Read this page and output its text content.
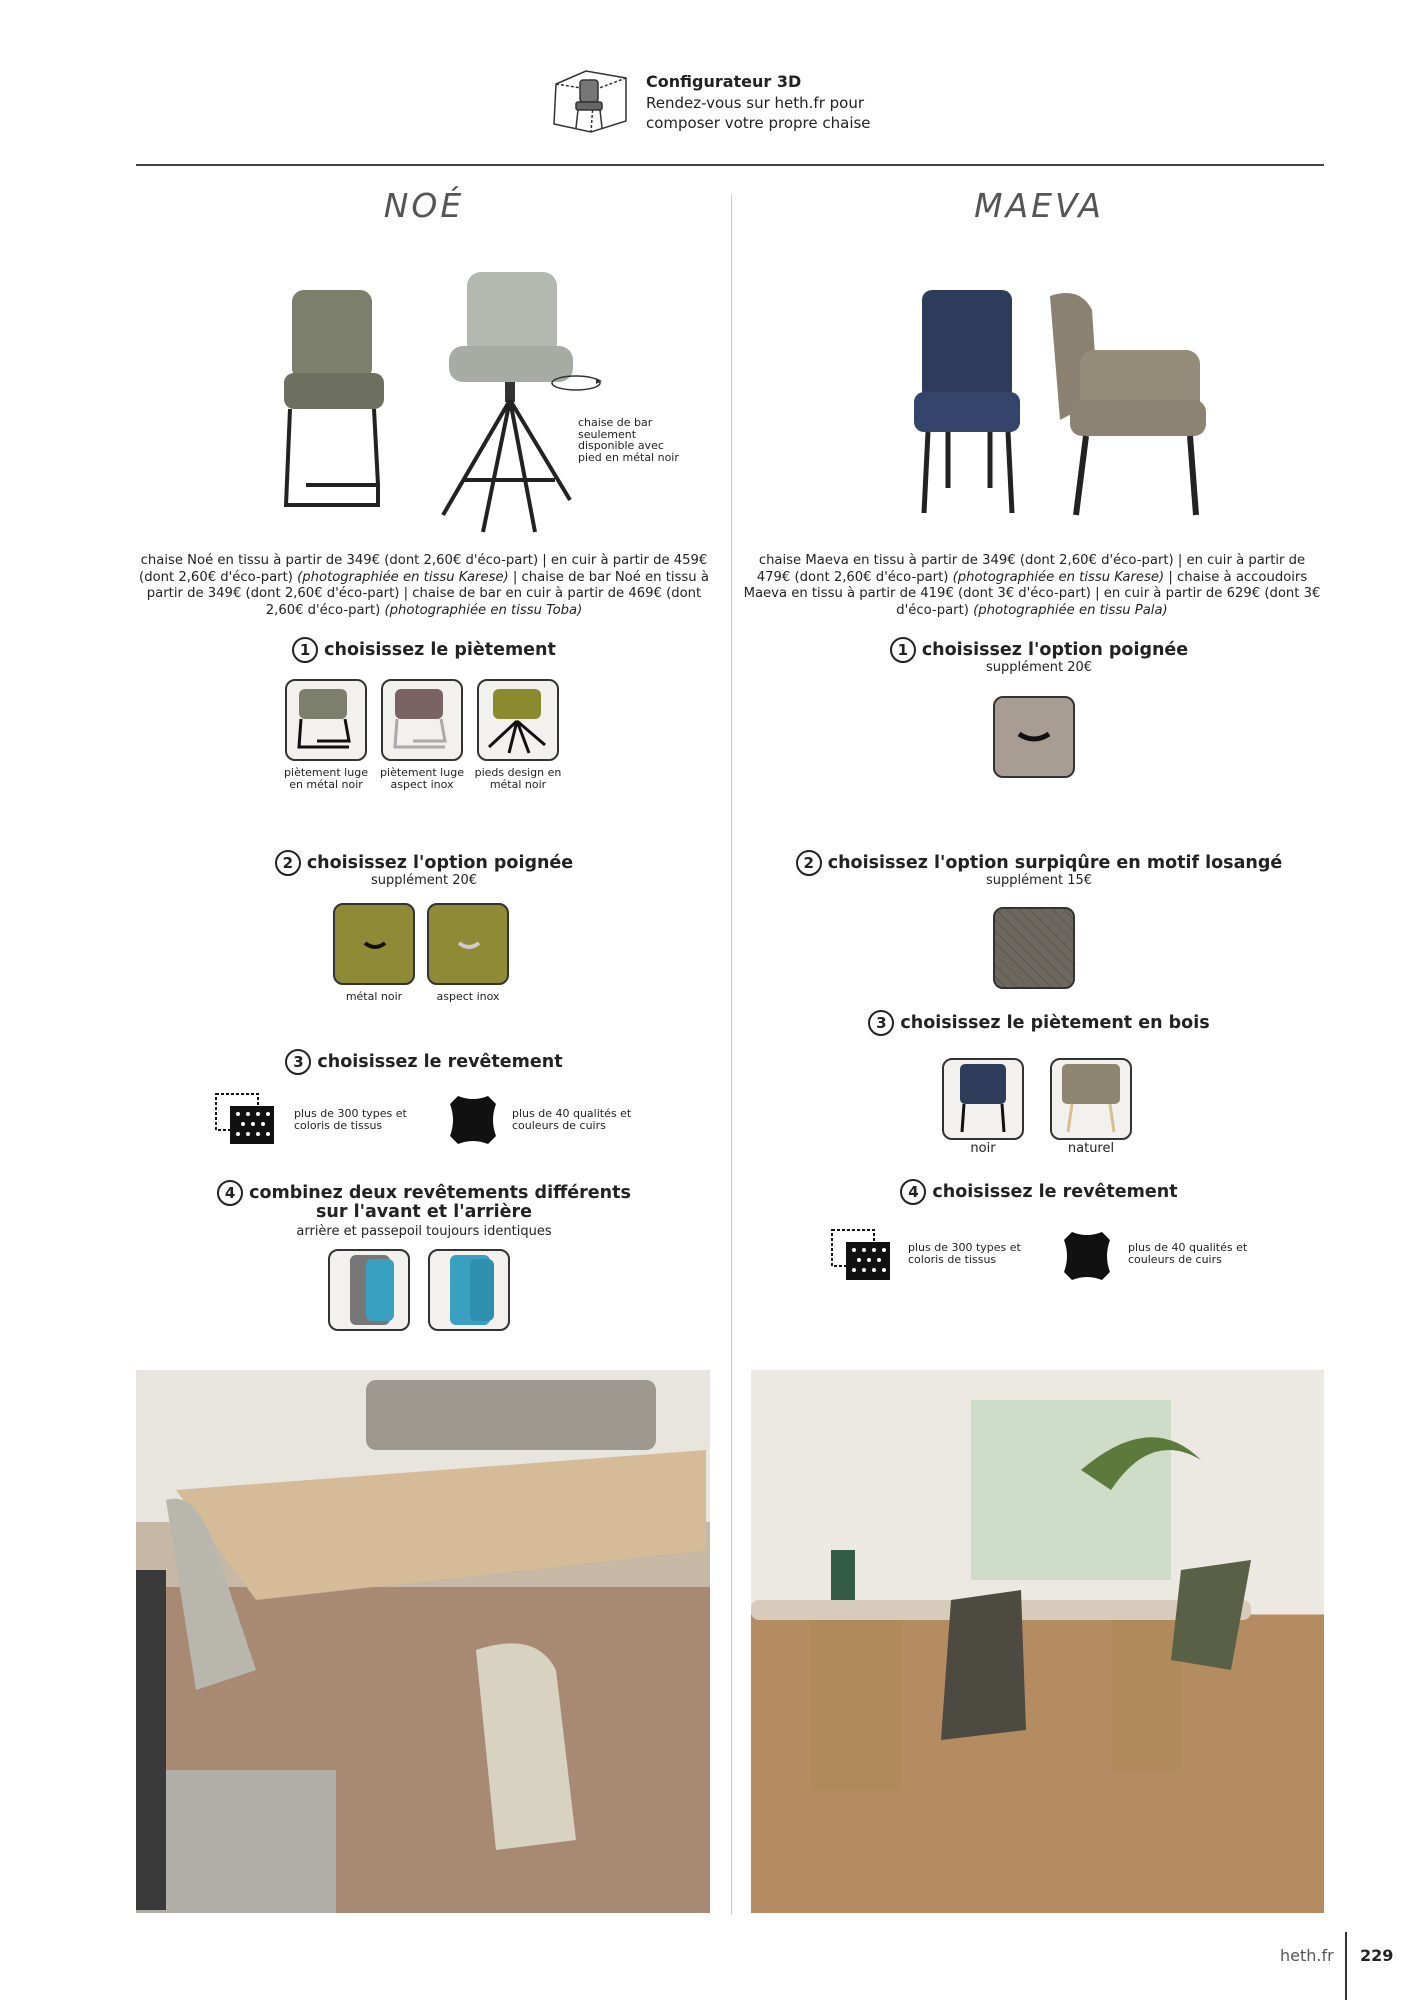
Configurateur 3D
Rendez-vous sur heth.fr pour
composer votre propre chaise
NOÉ
chaise de bar seulement disponible avec pied en métal noir
chaise Noé en tissu à partir de 349€ (dont 2,60€ d'éco-part) | en cuir à partir de 459€ (dont 2,60€ d'éco-part) (photographiée en tissu Karese) | chaise de bar Noé en tissu à partir de 349€ (dont 2,60€ d'éco-part) | chaise de bar en cuir à partir de 469€ (dont 2,60€ d'éco-part) (photographiée en tissu Toba)
1 choisissez le piètement
piètement luge en métal noir
piètement luge aspect inox
pieds design en métal noir
2 choisissez l'option poignée
supplément 20€
métal noir	aspect inox
3 choisissez le revêtement
plus de 300 types et coloris de tissus
plus de 40 qualités et couleurs de cuirs
4 combinez deux revêtements différents
sur l'avant et l'arrière
arrière et passepoil toujours identiques
MAEVA
chaise Maeva en tissu à partir de 349€ (dont 2,60€ d'éco-part) | en cuir à partir de 479€ (dont 2,60€ d'éco-part) (photographiée en tissu Karese) | chaise à accoudoirs Maeva en tissu à partir de 419€ (dont 3€ d'éco-part) | en cuir à partir de 629€ (dont 3€ d'éco-part) (photographiée en tissu Pala)
1 choisissez l'option poignée
supplément 20€
2 choisissez l'option surpiqûre en motif losangé
supplément 15€
3 choisissez le piètement en bois
noir	naturel
4 choisissez le revêtement
plus de 300 types et coloris de tissus
plus de 40 qualités et couleurs de cuirs
heth.fr 229
